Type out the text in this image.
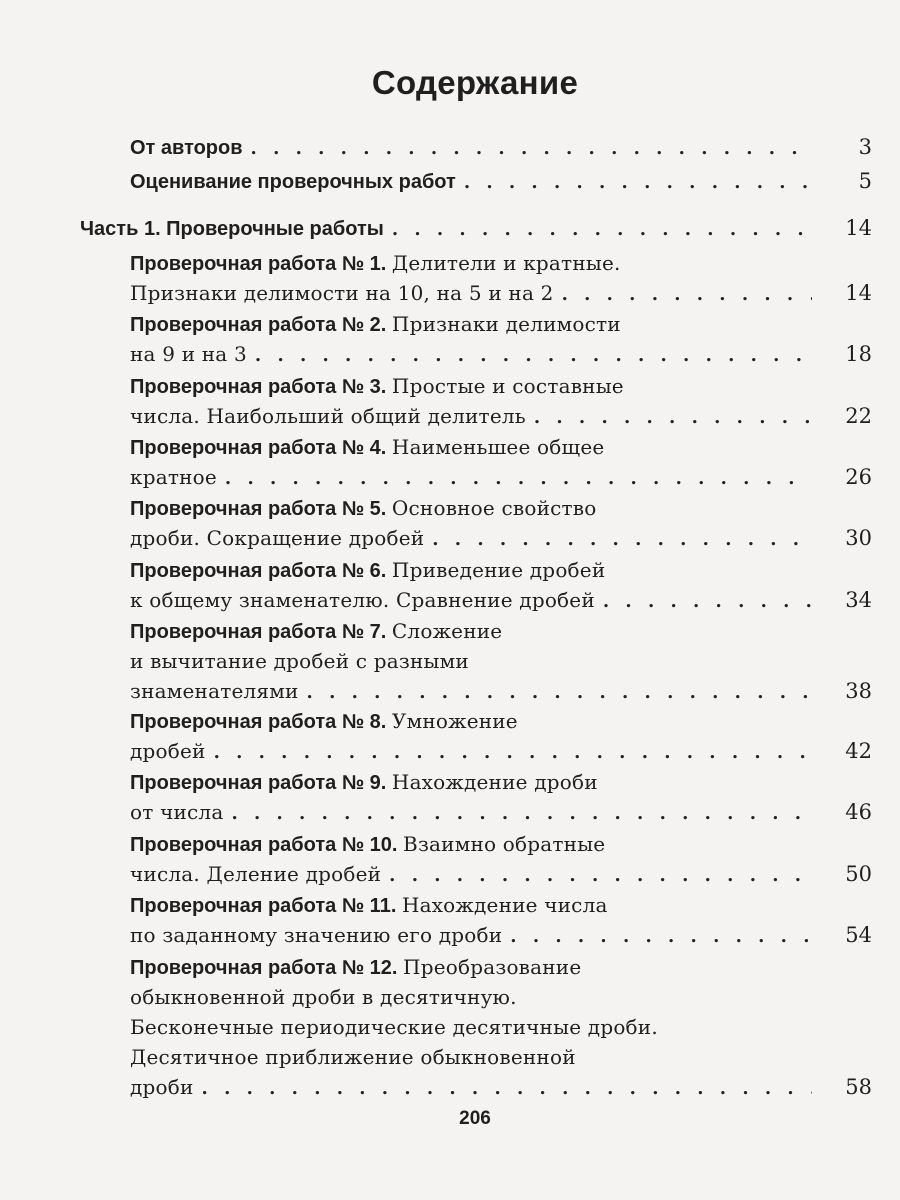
Содержание
От авторов . . .	3
Оценивание проверочных работ . . .	5
Часть 1. Проверочные работы . . .	14
Проверочная работа № 1. Делители и кратные.
Признаки делимости на 10, на 5 и на 2 . . .	14
Проверочная работа № 2. Признаки делимости
на 9 и на 3 . . .	18
Проверочная работа № 3. Простые и составные
числа. Наибольший общий делитель . . .	22
Проверочная работа № 4. Наименьшее общее
кратное . . .	26
Проверочная работа № 5. Основное свойство
дроби. Сокращение дробей . . .	30
Проверочная работа № 6. Приведение дробей
к общему знаменателю. Сравнение дробей . . .	34
Проверочная работа № 7. Сложение
и вычитание дробей с разными
знаменателями . . .	38
Проверочная работа № 8. Умножение
дробей . . .	42
Проверочная работа № 9. Нахождение дроби
от числа . . .	46
Проверочная работа № 10. Взаимно обратные
числа. Деление дробей . . .	50
Проверочная работа № 11. Нахождение числа
по заданному значению его дроби . . .	54
Проверочная работа № 12. Преобразование
обыкновенной дроби в десятичную.
Бесконечные периодические десятичные дроби.
Десятичное приближение обыкновенной
дроби . . .	58
206
